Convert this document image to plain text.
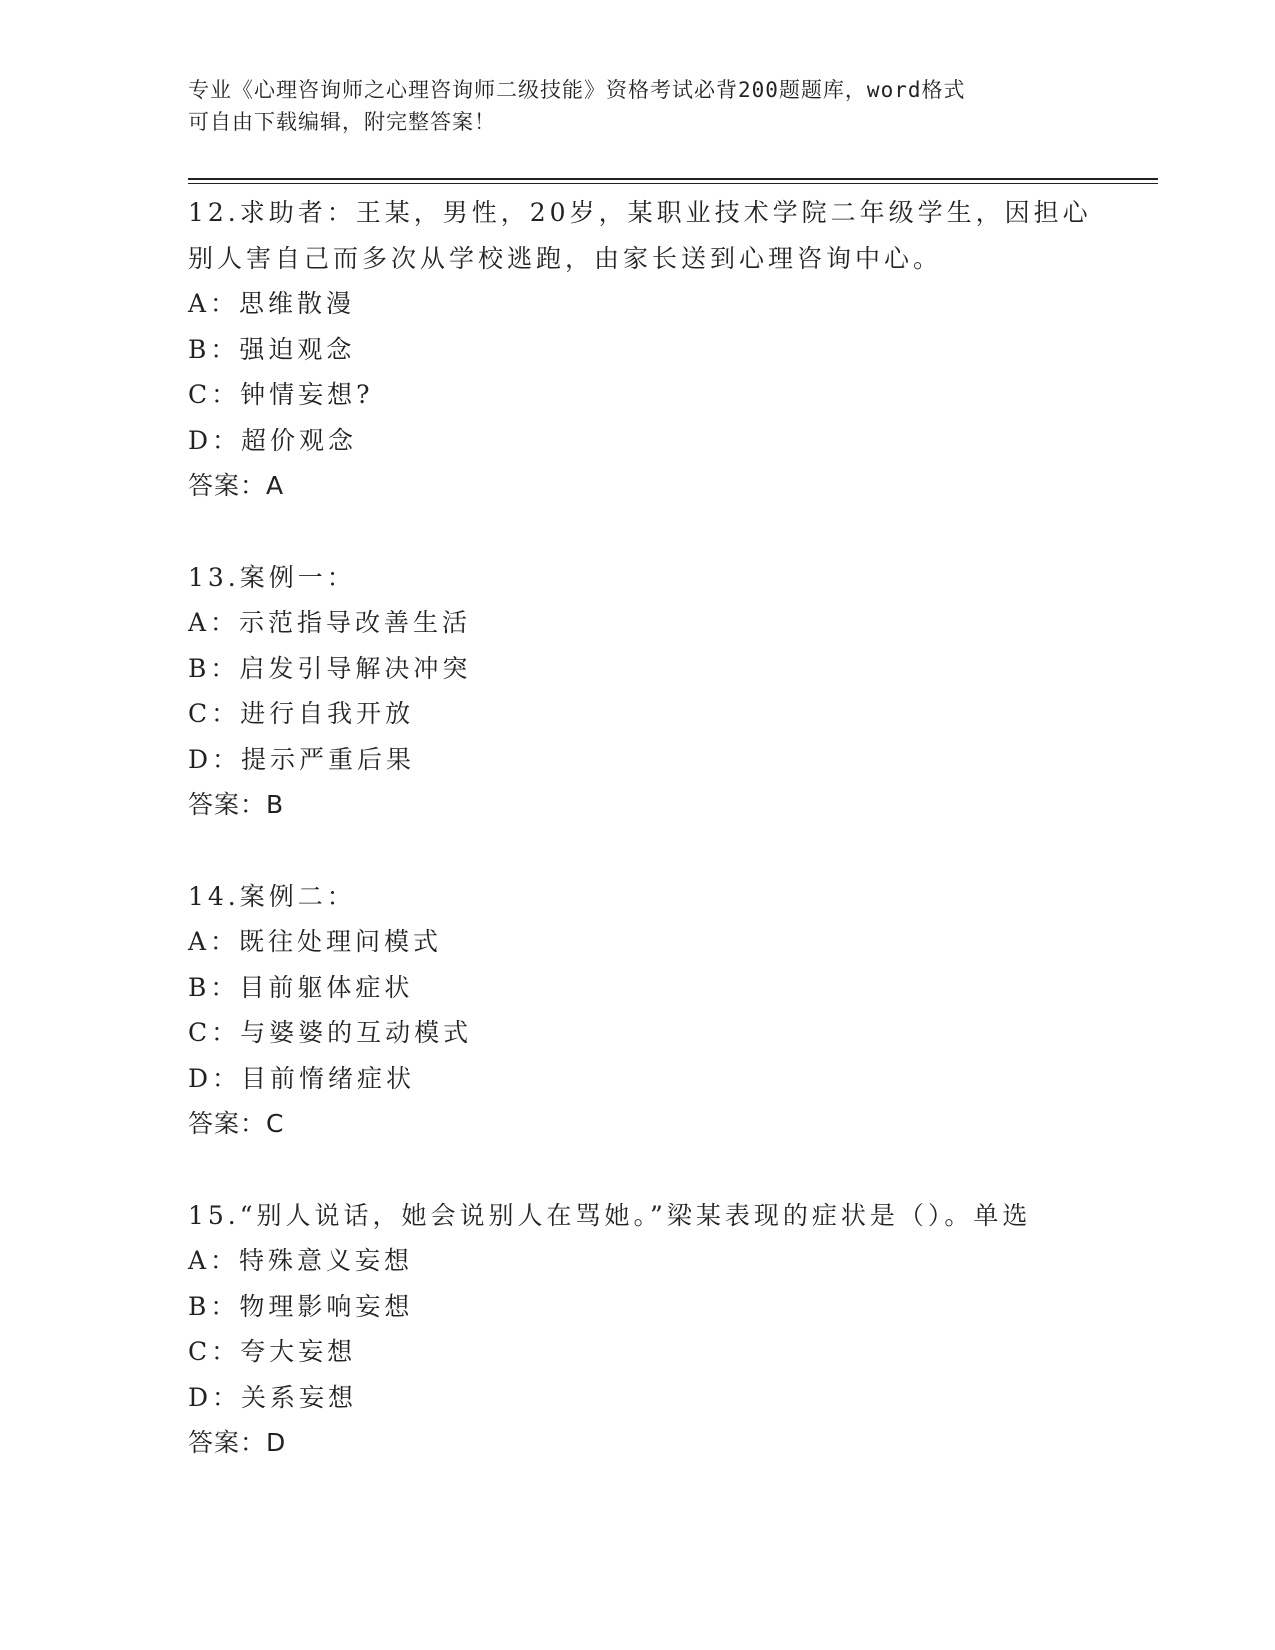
专业《心理咨询师之心理咨询师二级技能》资格考试必背200题题库，word格式
可自由下载编辑，附完整答案！
12.求助者：王某，男性，20岁，某职业技术学院二年级学生，因担心
别人害自己而多次从学校逃跑，由家长送到心理咨询中心。
A：思维散漫
B：强迫观念
C：钟情妄想?
D：超价观念
答案：A
13.案例一：
A：示范指导改善生活
B：启发引导解决冲突
C：进行自我开放
D：提示严重后果
答案：B
14.案例二：
A：既往处理问模式
B：目前躯体症状
C：与婆婆的互动模式
D：目前惰绪症状
答案：C
15.“别人说话，她会说别人在骂她。”梁某表现的症状是（）。单选
A：特殊意义妄想
B：物理影响妄想
C：夸大妄想
D：关系妄想
答案：D
